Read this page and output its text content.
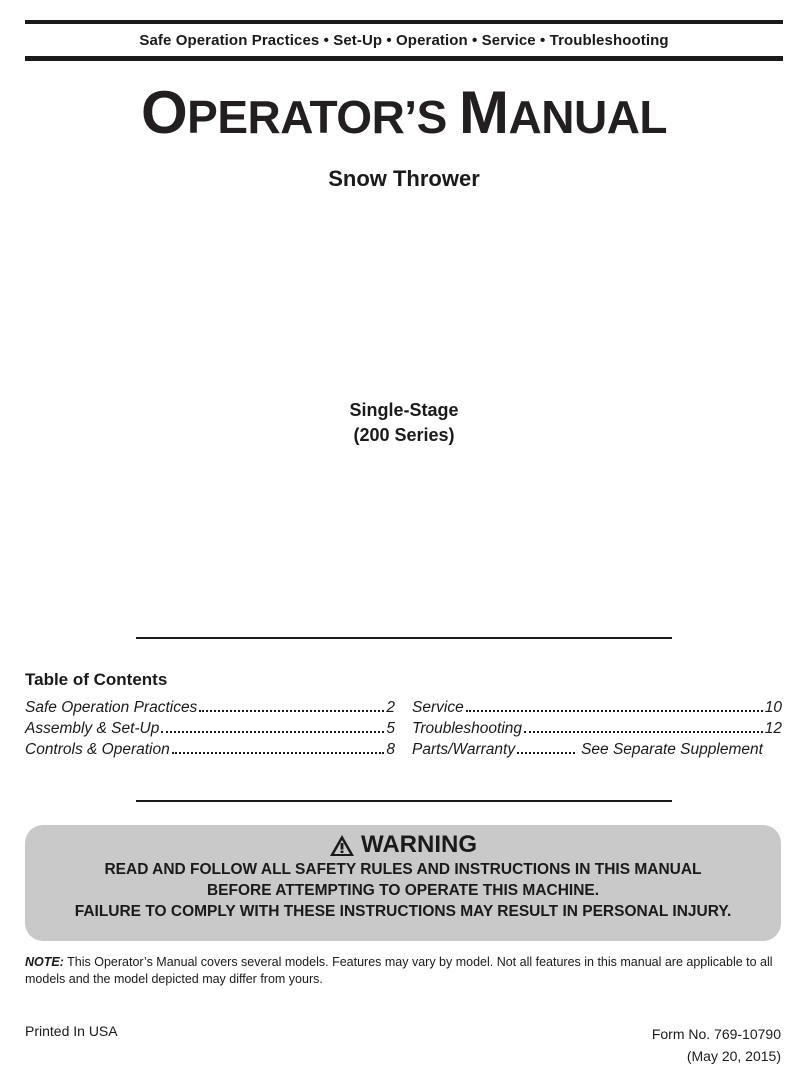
Safe Operation Practices • Set-Up • Operation • Service • Troubleshooting
OPERATOR’S MANUAL
Snow Thrower
Single-Stage
(200 Series)
Table of Contents
Safe Operation Practices	2
Assembly & Set-Up	5
Controls & Operation	8
Service	10
Troubleshooting	12
Parts/Warranty	See Separate Supplement
WARNING
READ AND FOLLOW ALL SAFETY RULES AND INSTRUCTIONS IN THIS MANUAL
BEFORE ATTEMPTING TO OPERATE THIS MACHINE.
FAILURE TO COMPLY WITH THESE INSTRUCTIONS MAY RESULT IN PERSONAL INJURY.
NOTE: This Operator’s Manual covers several models. Features may vary by model. Not all features in this manual are applicable to all models and the model depicted may differ from yours.
Printed In USA	Form No. 769-10790
(May 20, 2015)
